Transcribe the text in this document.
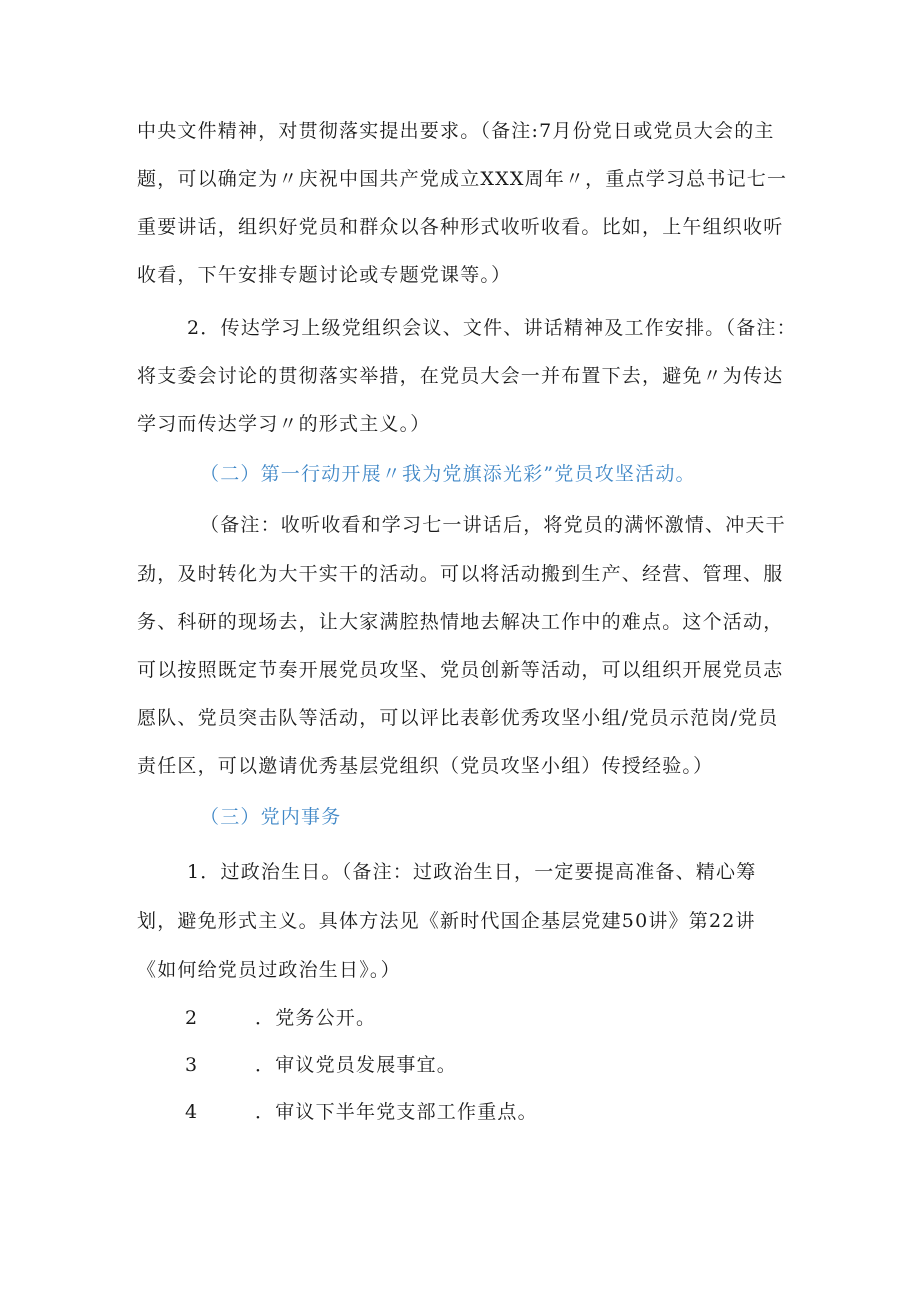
中央文件精神，对贯彻落实提出要求。（备注:7月份党日或党员大会的主
题，可以确定为〃庆祝中国共产党成立XXX周年〃，重点学习总书记七一
重要讲话，组织好党员和群众以各种形式收听收看。比如，上午组织收听
收看，下午安排专题讨论或专题党课等。）
2．传达学习上级党组织会议、文件、讲话精神及工作安排。（备注：
将支委会讨论的贯彻落实举措，在党员大会一并布置下去，避免〃为传达
学习而传达学习〃的形式主义。）
（二）第一行动开展〃我为党旗添光彩”党员攻坚活动。
（备注：收听收看和学习七一讲话后，将党员的满怀激情、冲天干
劲，及时转化为大干实干的活动。可以将活动搬到生产、经营、管理、服
务、科研的现场去，让大家满腔热情地去解决工作中的难点。这个活动，
可以按照既定节奏开展党员攻坚、党员创新等活动，可以组织开展党员志
愿队、党员突击队等活动，可以评比表彰优秀攻坚小组/党员示范岗/党员
责任区，可以邀请优秀基层党组织（党员攻坚小组）传授经验。）
（三）党内事务
1．过政治生日。（备注：过政治生日，一定要提高准备、精心筹
划，避免形式主义。具体方法见《新时代国企基层党建50讲》第22讲
《如何给党员过政治生日》。）
2	．党务公开。
3	．审议党员发展事宜。
4	．审议下半年党支部工作重点。
